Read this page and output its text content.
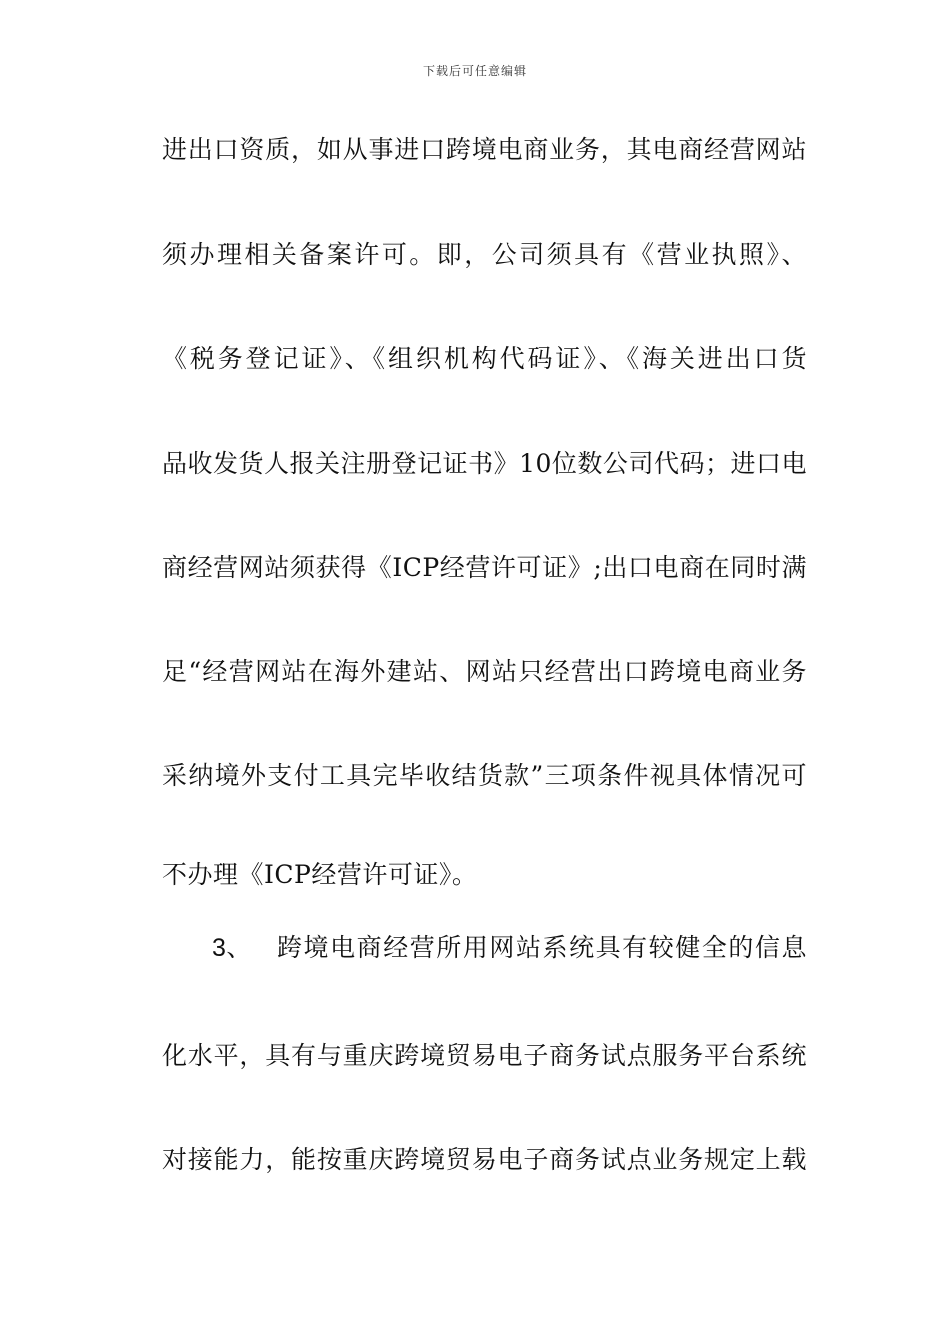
下载后可任意编辑
进出口资质，如从事进口跨境电商业务，其电商经营网站
须办理相关备案许可。即，公司须具有《营业执照》、
《税务登记证》、《组织机构代码证》、《海关进出口货
品收发货人报关注册登记证书》10位数公司代码；进口电
商经营网站须获得《ICP经营许可证》;出口电商在同时满
足“经营网站在海外建站、网站只经营出口跨境电商业务
采纳境外支付工具完毕收结货款”三项条件视具体情况可
不办理《ICP经营许可证》。
3、 跨境电商经营所用网站系统具有较健全的信息
化水平，具有与重庆跨境贸易电子商务试点服务平台系统
对接能力，能按重庆跨境贸易电子商务试点业务规定上载
